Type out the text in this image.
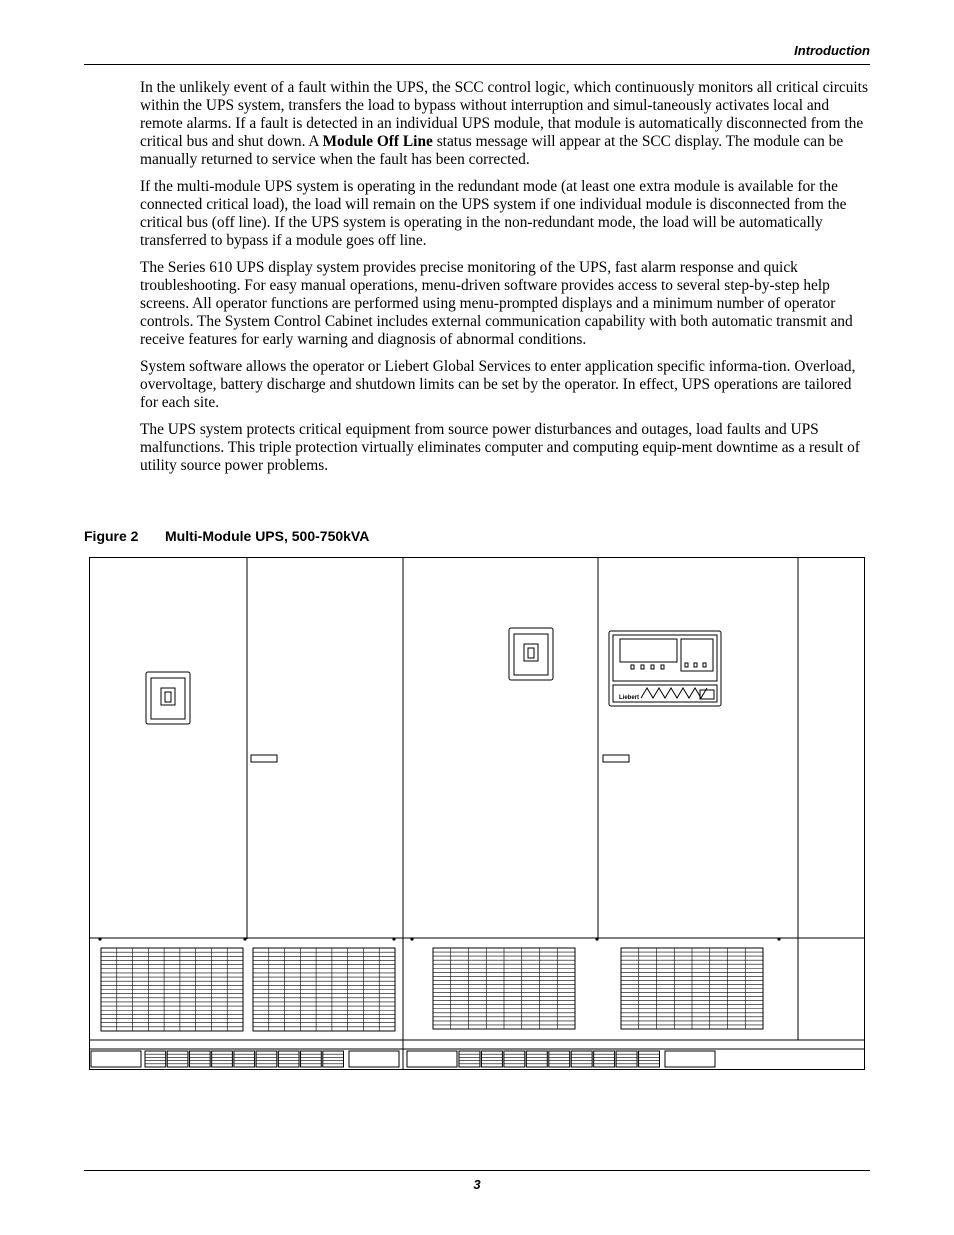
Introduction

In the unlikely event of a fault within the UPS, the SCC control logic, which continuously monitors all critical circuits within the UPS system, transfers the load to bypass without interruption and simul-taneously activates local and remote alarms. If a fault is detected in an individual UPS module, that module is automatically disconnected from the critical bus and shut down. A Module Off Line status message will appear at the SCC display. The module can be manually returned to service when the fault has been corrected.

If the multi-module UPS system is operating in the redundant mode (at least one extra module is available for the connected critical load), the load will remain on the UPS system if one individual module is disconnected from the critical bus (off line). If the UPS system is operating in the non-redundant mode, the load will be automatically transferred to bypass if a module goes off line.

The Series 610 UPS display system provides precise monitoring of the UPS, fast alarm response and quick troubleshooting. For easy manual operations, menu-driven software provides access to several step-by-step help screens. All operator functions are performed using menu-prompted displays and a minimum number of operator controls. The System Control Cabinet includes external communication capability with both automatic transmit and receive features for early warning and diagnosis of abnormal conditions.

System software allows the operator or Liebert Global Services to enter application specific informa-tion. Overload, overvoltage, battery discharge and shutdown limits can be set by the operator. In effect, UPS operations are tailored for each site.

The UPS system protects critical equipment from source power disturbances and outages, load faults and UPS malfunctions. This triple protection virtually eliminates computer and computing equip-ment downtime as a result of utility source power problems.

Figure 2 Multi-Module UPS, 500-750kVA
Liebert
3
